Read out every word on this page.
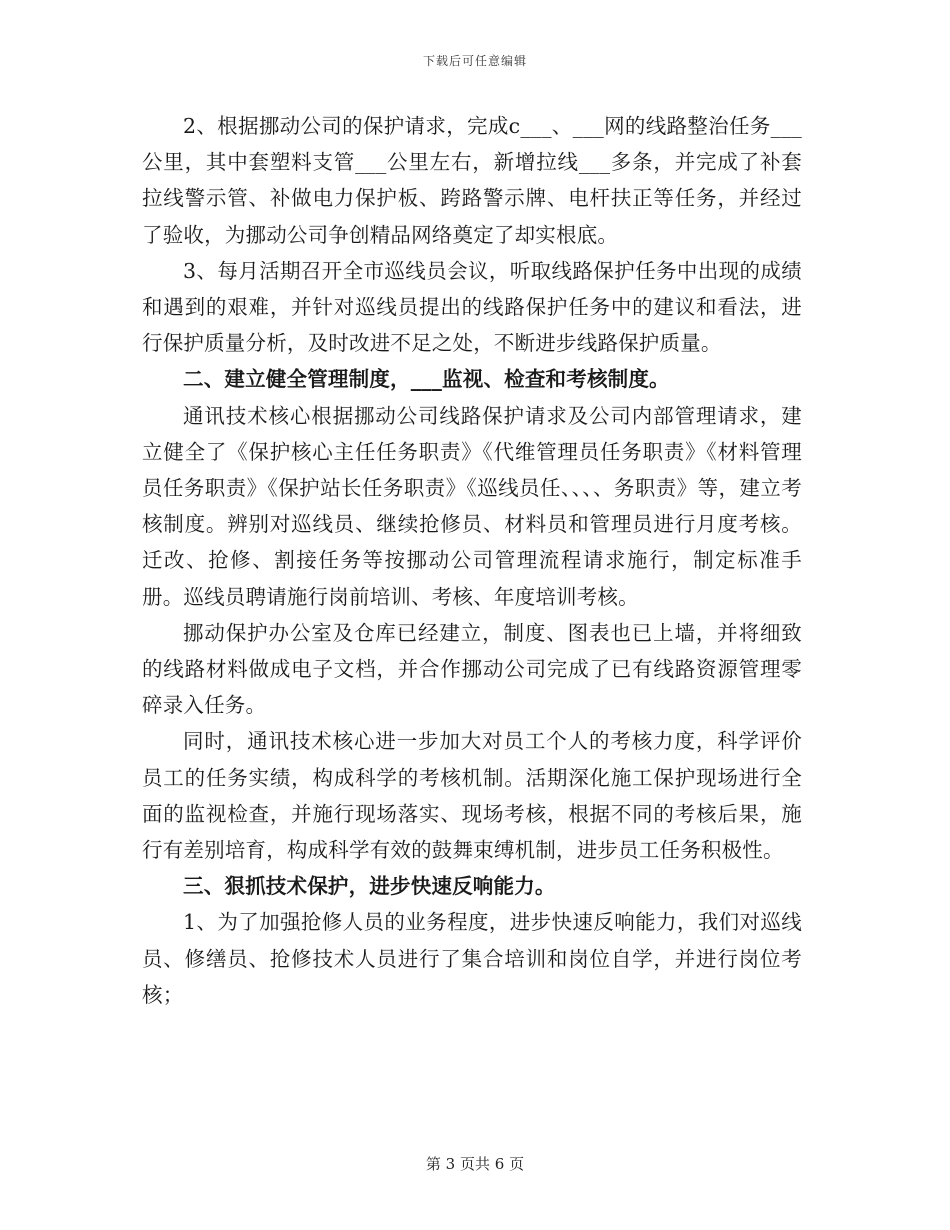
下载后可任意编辑

2、根据挪动公司的保护请求，完成c___、___网的线路整治任务___公里，其中套塑料支管___公里左右，新增拉线___多条，并完成了补套拉线警示管、补做电力保护板、跨路警示牌、电杆扶正等任务，并经过了验收，为挪动公司争创精品网络奠定了却实根底。

3、每月活期召开全市巡线员会议，听取线路保护任务中出现的成绩和遇到的艰难，并针对巡线员提出的线路保护任务中的建议和看法，进行保护质量分析，及时改进不足之处，不断进步线路保护质量。

二、建立健全管理制度，___监视、检查和考核制度。

通讯技术核心根据挪动公司线路保护请求及公司内部管理请求，建立健全了《保护核心主任任务职责》《代维管理员任务职责》《材料管理员任务职责》《保护站长任务职责》《巡线员任、、、、务职责》等，建立考核制度。辨别对巡线员、继续抢修员、材料员和管理员进行月度考核。迁改、抢修、割接任务等按挪动公司管理流程请求施行，制定标准手册。巡线员聘请施行岗前培训、考核、年度培训考核。

挪动保护办公室及仓库已经建立，制度、图表也已上墙，并将细致的线路材料做成电子文档，并合作挪动公司完成了已有线路资源管理零碎录入任务。

同时，通讯技术核心进一步加大对员工个人的考核力度，科学评价员工的任务实绩，构成科学的考核机制。活期深化施工保护现场进行全面的监视检查，并施行现场落实、现场考核，根据不同的考核后果，施行有差别培育，构成科学有效的鼓舞束缚机制，进步员工任务积极性。

三、狠抓技术保护，进步快速反响能力。

1、为了加强抢修人员的业务程度，进步快速反响能力，我们对巡线员、修缮员、抢修技术人员进行了集合培训和岗位自学，并进行岗位考核；

第 3 页共 6 页
